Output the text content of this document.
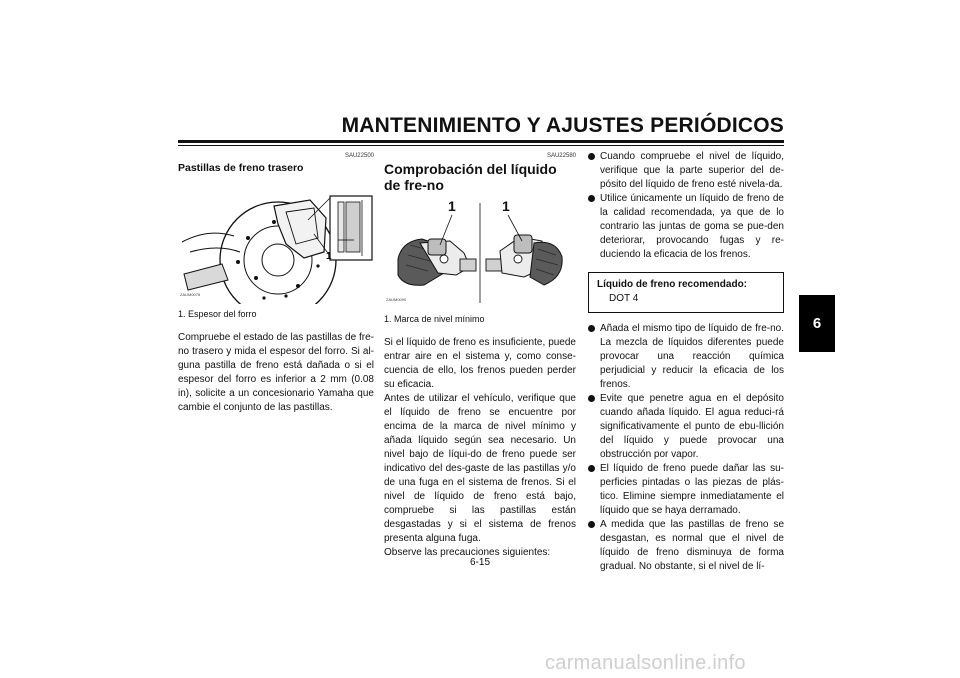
MANTENIMIENTO Y AJUSTES PERIÓDICOS
6
SAU22500
Pastillas de freno trasero
1
ZAUM0078
1. Espesor del forro

Compruebe el estado de las pastillas de fre-no trasero y mida el espesor del forro. Si al-guna pastilla de freno está dañada o si el espesor del forro es inferior a 2 mm (0.08 in), solicite a un concesionario Yamaha que cambie el conjunto de las pastillas.

SAU22580
Comprobación del líquido de fre-no
1	1
ZAUM0090
1. Marca de nivel mínimo

Si el líquido de freno es insuficiente, puede entrar aire en el sistema y, como conse-cuencia de ello, los frenos pueden perder su eficacia.

Antes de utilizar el vehículo, verifique que el líquido de freno se encuentre por encima de la marca de nivel mínimo y añada líquido según sea necesario. Un nivel bajo de líqui-do de freno puede ser indicativo del des-gaste de las pastillas y/o de una fuga en el sistema de frenos. Si el nivel de líquido de freno está bajo, compruebe si las pastillas están desgastadas y si el sistema de frenos presenta alguna fuga.

Observe las precauciones siguientes:

Cuando compruebe el nivel de líquido, verifique que la parte superior del de-pósito del líquido de freno esté nivela-da.
Utilice únicamente un líquido de freno de la calidad recomendada, ya que de lo contrario las juntas de goma se pue-den deteriorar, provocando fugas y re-duciendo la eficacia de los frenos.
Líquido de freno recomendado:
DOT 4
Añada el mismo tipo de líquido de fre-no. La mezcla de líquidos diferentes puede provocar una reacción química perjudicial y reducir la eficacia de los frenos.
Evite que penetre agua en el depósito cuando añada líquido. El agua reduci-rá significativamente el punto de ebu-llición del líquido y puede provocar una obstrucción por vapor.
El líquido de freno puede dañar las su-perficies pintadas o las piezas de plás-tico. Elimine siempre inmediatamente el líquido que se haya derramado.
A medida que las pastillas de freno se desgastan, es normal que el nivel de líquido de freno disminuya de forma gradual. No obstante, si el nivel de lí-
6-15
carmanualsonline.info
